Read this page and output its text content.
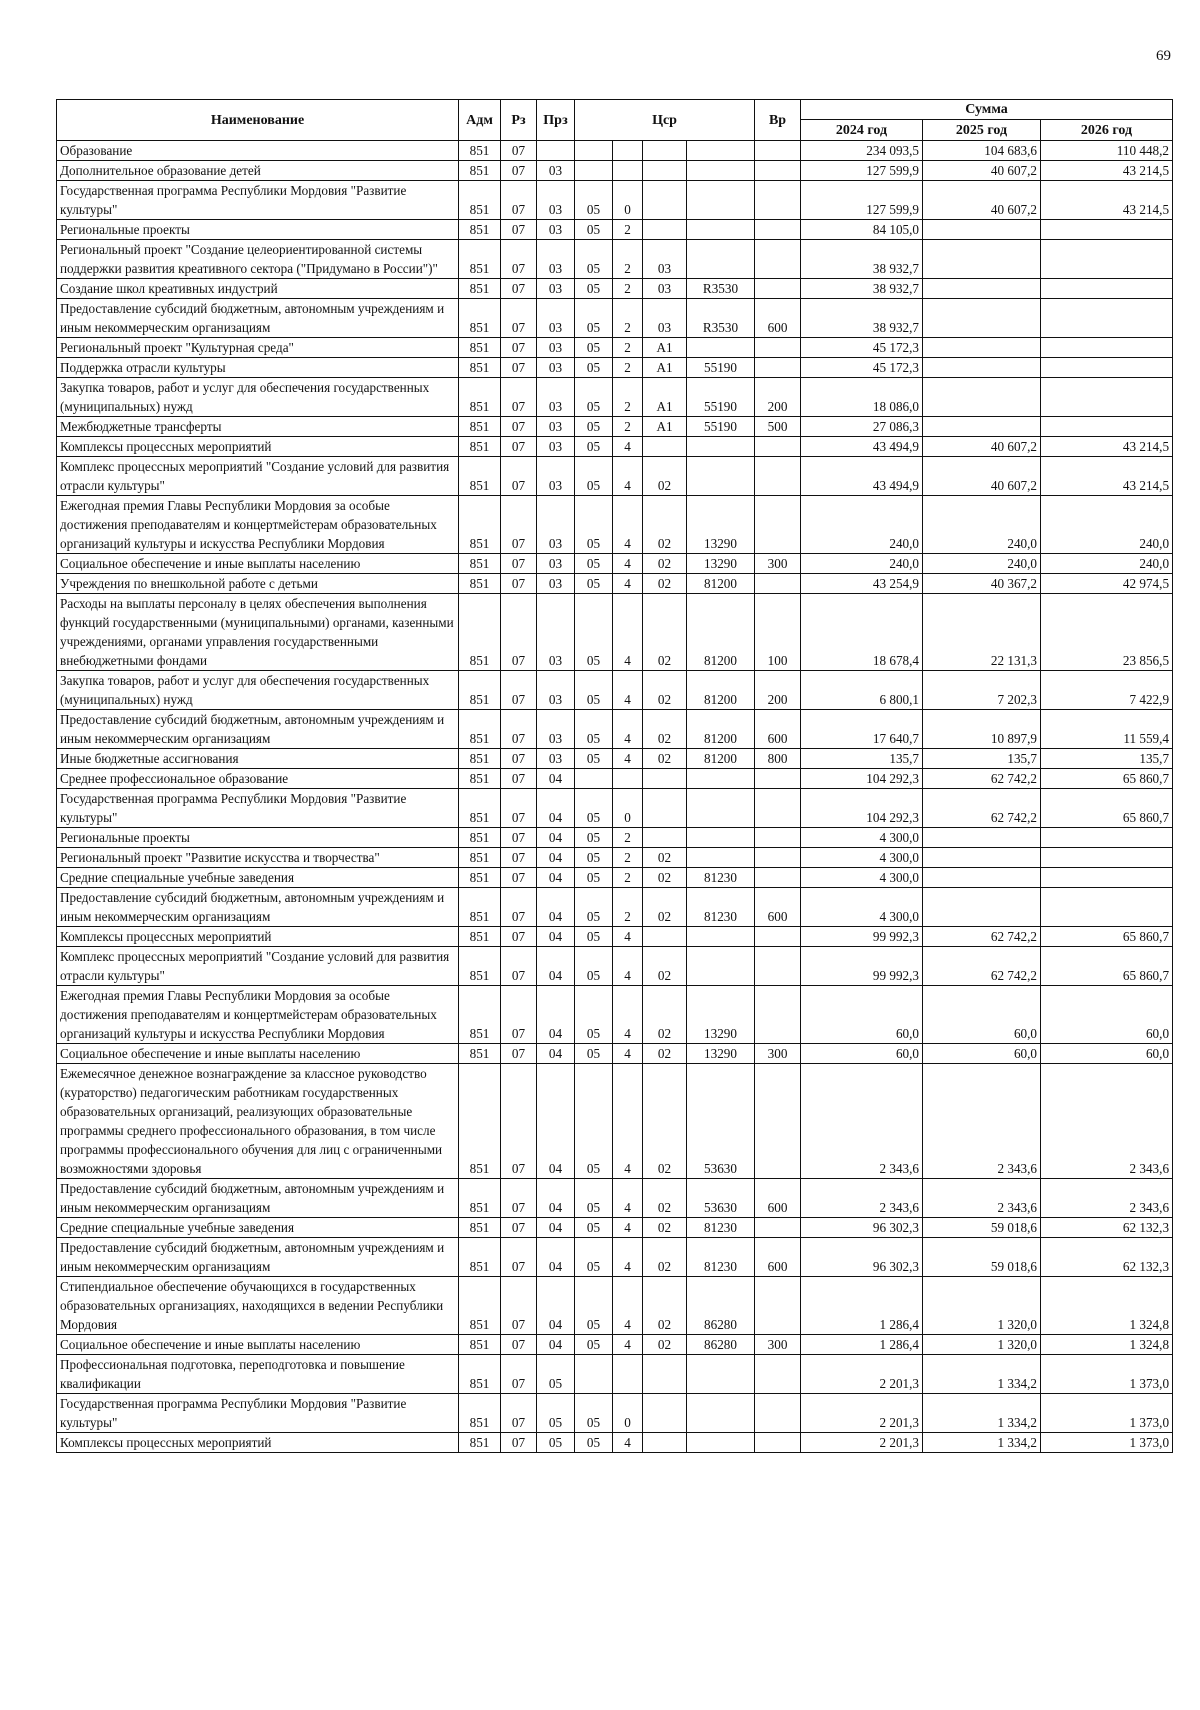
69
Наименование	Адм	Рз	Прз	Цср				Вр	Сумма		
									2024 год	2025 год	2026 год
Образование	851	07							234 093,5	104 683,6	110 448,2
Дополнительное образование детей	851	07	03						127 599,9	40 607,2	43 214,5
Государственная программа Республики Мордовия "Развитие культуры"	851	07	03	05	0				127 599,9	40 607,2	43 214,5
Региональные проекты	851	07	03	05	2				84 105,0		
Региональный проект "Создание целеориентированной системы поддержки развития креативного сектора ("Придумано в России")"	851	07	03	05	2	03			38 932,7		
Создание школ креативных индустрий	851	07	03	05	2	03	R3530		38 932,7		
Предоставление субсидий бюджетным, автономным учреждениям и иным некоммерческим организациям	851	07	03	05	2	03	R3530	600	38 932,7		
Региональный проект "Культурная среда"	851	07	03	05	2	A1			45 172,3		
Поддержка отрасли культуры	851	07	03	05	2	A1	55190		45 172,3		
Закупка товаров, работ и услуг для обеспечения государственных (муниципальных) нужд	851	07	03	05	2	A1	55190	200	18 086,0		
Межбюджетные трансферты	851	07	03	05	2	A1	55190	500	27 086,3		
Комплексы процессных мероприятий	851	07	03	05	4				43 494,9	40 607,2	43 214,5
Комплекс процессных мероприятий "Создание условий для развития отрасли культуры"	851	07	03	05	4	02			43 494,9	40 607,2	43 214,5
Ежегодная премия Главы Республики Мордовия за особые достижения преподавателям и концертмейстерам образовательных организаций культуры и искусства Республики Мордовия	851	07	03	05	4	02	13290		240,0	240,0	240,0
Социальное обеспечение и иные выплаты населению	851	07	03	05	4	02	13290	300	240,0	240,0	240,0
Учреждения по внешкольной работе с детьми	851	07	03	05	4	02	81200		43 254,9	40 367,2	42 974,5
Расходы на выплаты персоналу в целях обеспечения выполнения функций государственными (муниципальными) органами, казенными учреждениями, органами управления государственными внебюджетными фондами	851	07	03	05	4	02	81200	100	18 678,4	22 131,3	23 856,5
Закупка товаров, работ и услуг для обеспечения государственных (муниципальных) нужд	851	07	03	05	4	02	81200	200	6 800,1	7 202,3	7 422,9
Предоставление субсидий бюджетным, автономным учреждениям и иным некоммерческим организациям	851	07	03	05	4	02	81200	600	17 640,7	10 897,9	11 559,4
Иные бюджетные ассигнования	851	07	03	05	4	02	81200	800	135,7	135,7	135,7
Среднее профессиональное образование	851	07	04						104 292,3	62 742,2	65 860,7
Государственная программа Республики Мордовия "Развитие культуры"	851	07	04	05	0				104 292,3	62 742,2	65 860,7
Региональные проекты	851	07	04	05	2				4 300,0		
Региональный проект "Развитие искусства и творчества"	851	07	04	05	2	02			4 300,0		
Средние специальные учебные заведения	851	07	04	05	2	02	81230		4 300,0		
Предоставление субсидий бюджетным, автономным учреждениям и иным некоммерческим организациям	851	07	04	05	2	02	81230	600	4 300,0		
Комплексы процессных мероприятий	851	07	04	05	4				99 992,3	62 742,2	65 860,7
Комплекс процессных мероприятий "Создание условий для развития отрасли культуры"	851	07	04	05	4	02			99 992,3	62 742,2	65 860,7
Ежегодная премия Главы Республики Мордовия за особые достижения преподавателям и концертмейстерам образовательных организаций культуры и искусства Республики Мордовия	851	07	04	05	4	02	13290		60,0	60,0	60,0
Социальное обеспечение и иные выплаты населению	851	07	04	05	4	02	13290	300	60,0	60,0	60,0
Ежемесячное денежное вознаграждение за классное руководство (кураторство) педагогическим работникам государственных образовательных организаций, реализующих образовательные программы среднего профессионального образования, в том числе программы профессионального обучения для лиц с ограниченными возможностями здоровья	851	07	04	05	4	02	53630		2 343,6	2 343,6	2 343,6
Предоставление субсидий бюджетным, автономным учреждениям и иным некоммерческим организациям	851	07	04	05	4	02	53630	600	2 343,6	2 343,6	2 343,6
Средние специальные учебные заведения	851	07	04	05	4	02	81230		96 302,3	59 018,6	62 132,3
Предоставление субсидий бюджетным, автономным учреждениям и иным некоммерческим организациям	851	07	04	05	4	02	81230	600	96 302,3	59 018,6	62 132,3
Стипендиальное обеспечение обучающихся в государственных образовательных организациях, находящихся в ведении Республики Мордовия	851	07	04	05	4	02	86280		1 286,4	1 320,0	1 324,8
Социальное обеспечение и иные выплаты населению	851	07	04	05	4	02	86280	300	1 286,4	1 320,0	1 324,8
Профессиональная подготовка, переподготовка и повышение квалификации	851	07	05						2 201,3	1 334,2	1 373,0
Государственная программа Республики Мордовия "Развитие культуры"	851	07	05	05	0				2 201,3	1 334,2	1 373,0
Комплексы процессных мероприятий	851	07	05	05	4				2 201,3	1 334,2	1 373,0
